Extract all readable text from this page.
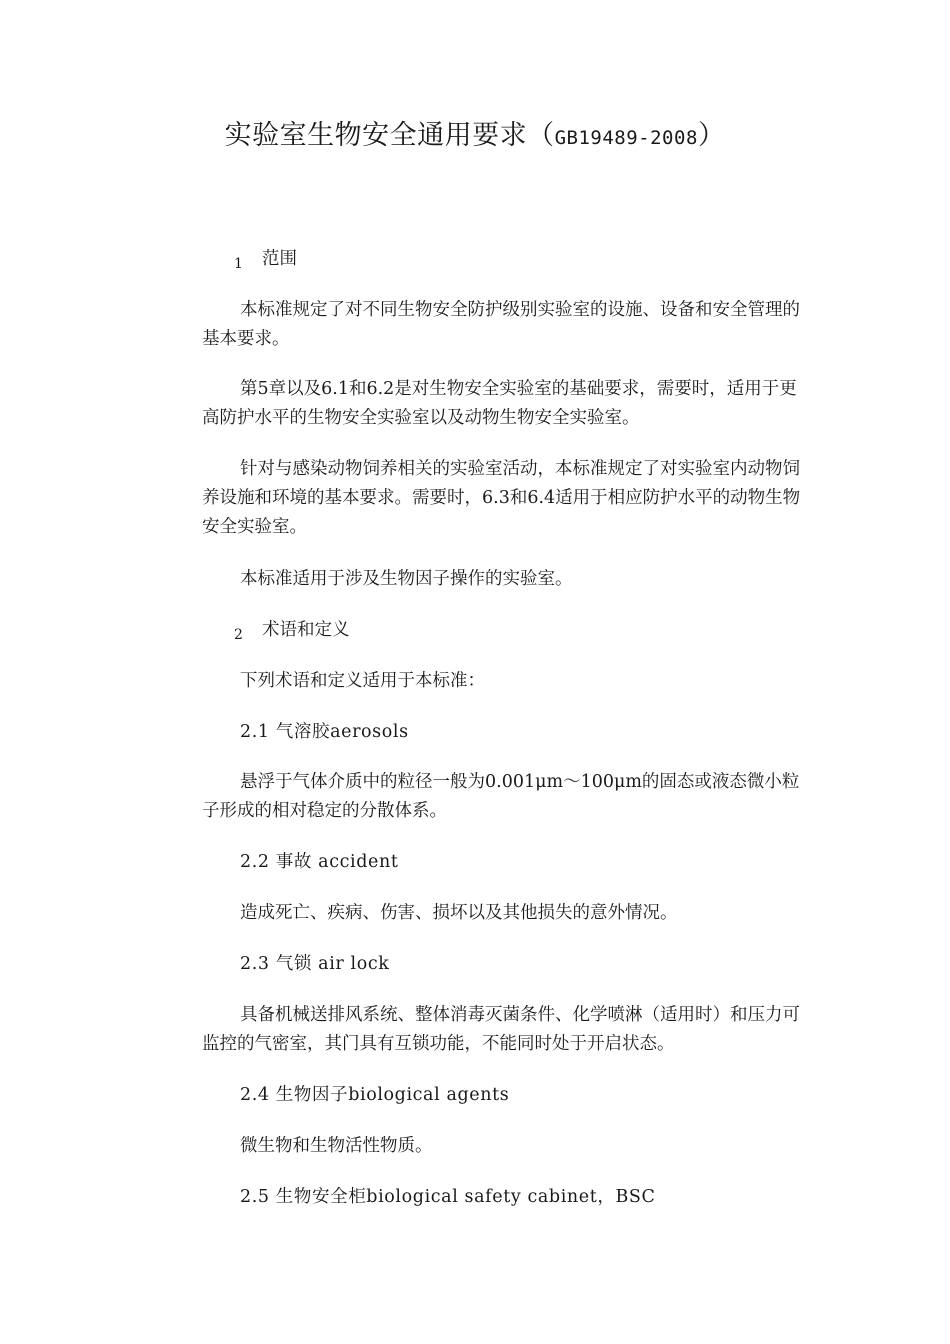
实验室生物安全通用要求（GB19489-2008）
1 范围
本标准规定了对不同生物安全防护级别实验室的设施、设备和安全管理的基本要求。
第5章以及6.1和6.2是对生物安全实验室的基础要求，需要时，适用于更高防护水平的生物安全实验室以及动物生物安全实验室。
针对与感染动物饲养相关的实验室活动，本标准规定了对实验室内动物饲养设施和环境的基本要求。需要时，6.3和6.4适用于相应防护水平的动物生物安全实验室。
本标准适用于涉及生物因子操作的实验室。
2 术语和定义
下列术语和定义适用于本标准：
2.1 气溶胶aerosols
悬浮于气体介质中的粒径一般为0.001μm～100μm的固态或液态微小粒子形成的相对稳定的分散体系。
2.2 事故 accident
造成死亡、疾病、伤害、损坏以及其他损失的意外情况。
2.3 气锁 air lock
具备机械送排风系统、整体消毒灭菌条件、化学喷淋（适用时）和压力可监控的气密室，其门具有互锁功能，不能同时处于开启状态。
2.4 生物因子biological agents
微生物和生物活性物质。
2.5 生物安全柜biological safety cabinet，BSC
